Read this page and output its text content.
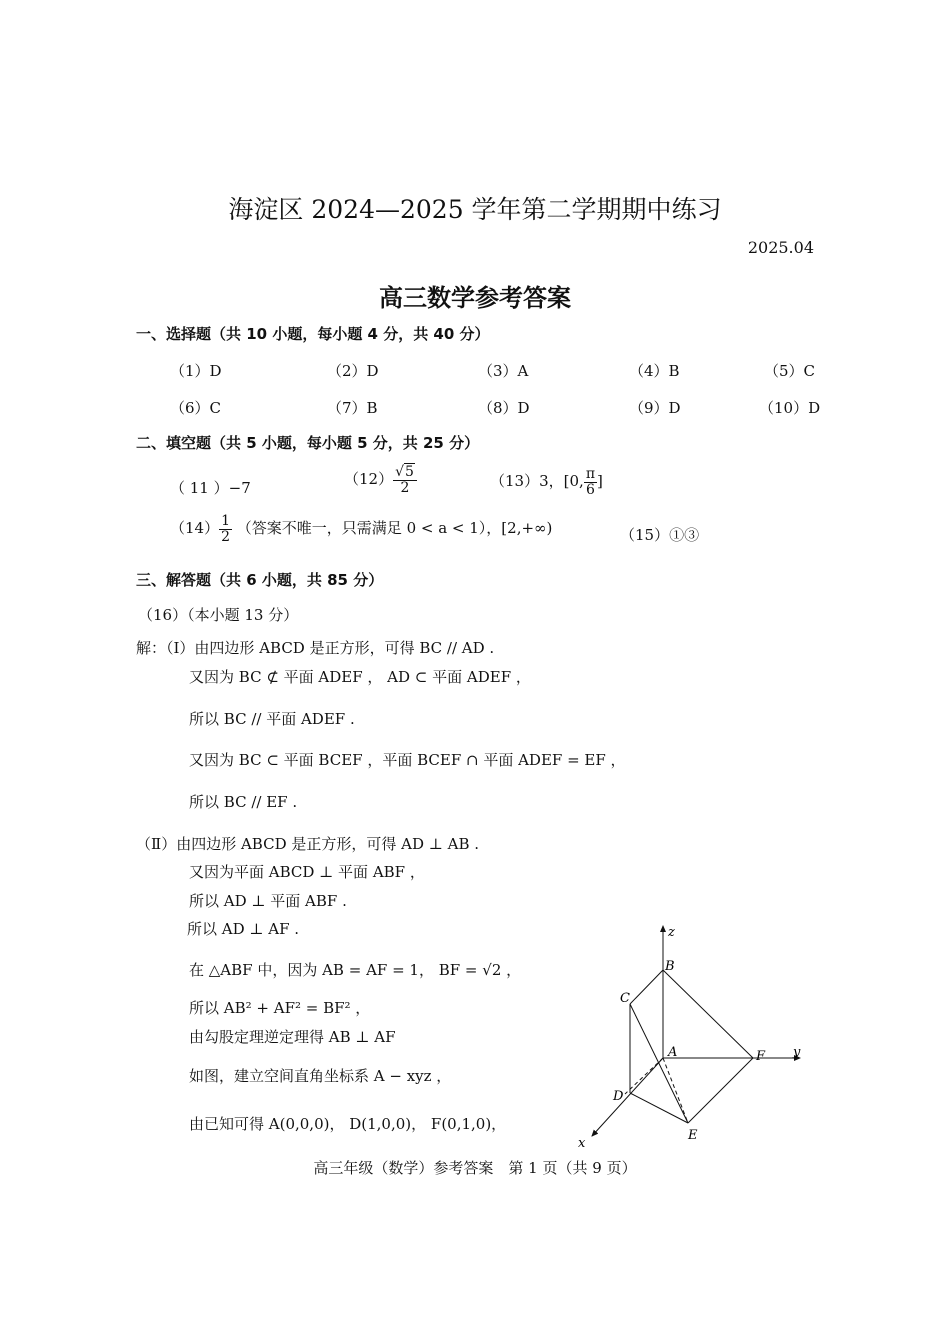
海淀区 2024—2025 学年第二学期期中练习
2025.04
高三数学参考答案
一、选择题（共 10 小题，每小题 4 分，共 40 分）
（1）D	（2）D	（3）A	（4）B	（5）C
（6）C	（7）B	（8）D	（9）D	（10）D
二、填空题（共 5 小题，每小题 5 分，共 25 分）
（ 11 ）−7	$(12) \frac{√5}{2}$	（13）3，[0, $\frac{\pi}{6}$ ]
$(14) \frac{1}{2}$ （答案不唯一，只需满足 0 < a < 1），[2,+∞)	（15）①③
三、解答题（共 6 小题，共 85 分）
（16）（本小题 13 分）
解：（Ⅰ）由四边形 ABCD 是正方形，可得 BC // AD .
又因为 BC ⊄ 平面 ADEF ， AD ⊂ 平面 ADEF ，
所以 BC // 平面 ADEF .
又因为 BC ⊂ 平面 BCEF ，平面 BCEF ∩ 平面 ADEF = EF ，
所以 BC // EF .
（Ⅱ）由四边形 ABCD 是正方形，可得 AD ⊥ AB .
又因为平面 ABCD ⊥ 平面 ABF ，
所以 AD ⊥ 平面 ABF .
所以 AD ⊥ AF .
在 △ABF 中，因为 AB = AF = 1， BF = √2 ，
所以 AB² + AF² = BF² ，
由勾股定理逆定理得 AB ⊥ AF
如图，建立空间直角坐标系 A − xyz ，
由已知可得 A(0,0,0)， D(1,0,0)， F(0,1,0)，
z
B
C
A	F y
D
E
x
高三年级（数学）参考答案　第 1 页（共 9 页）
